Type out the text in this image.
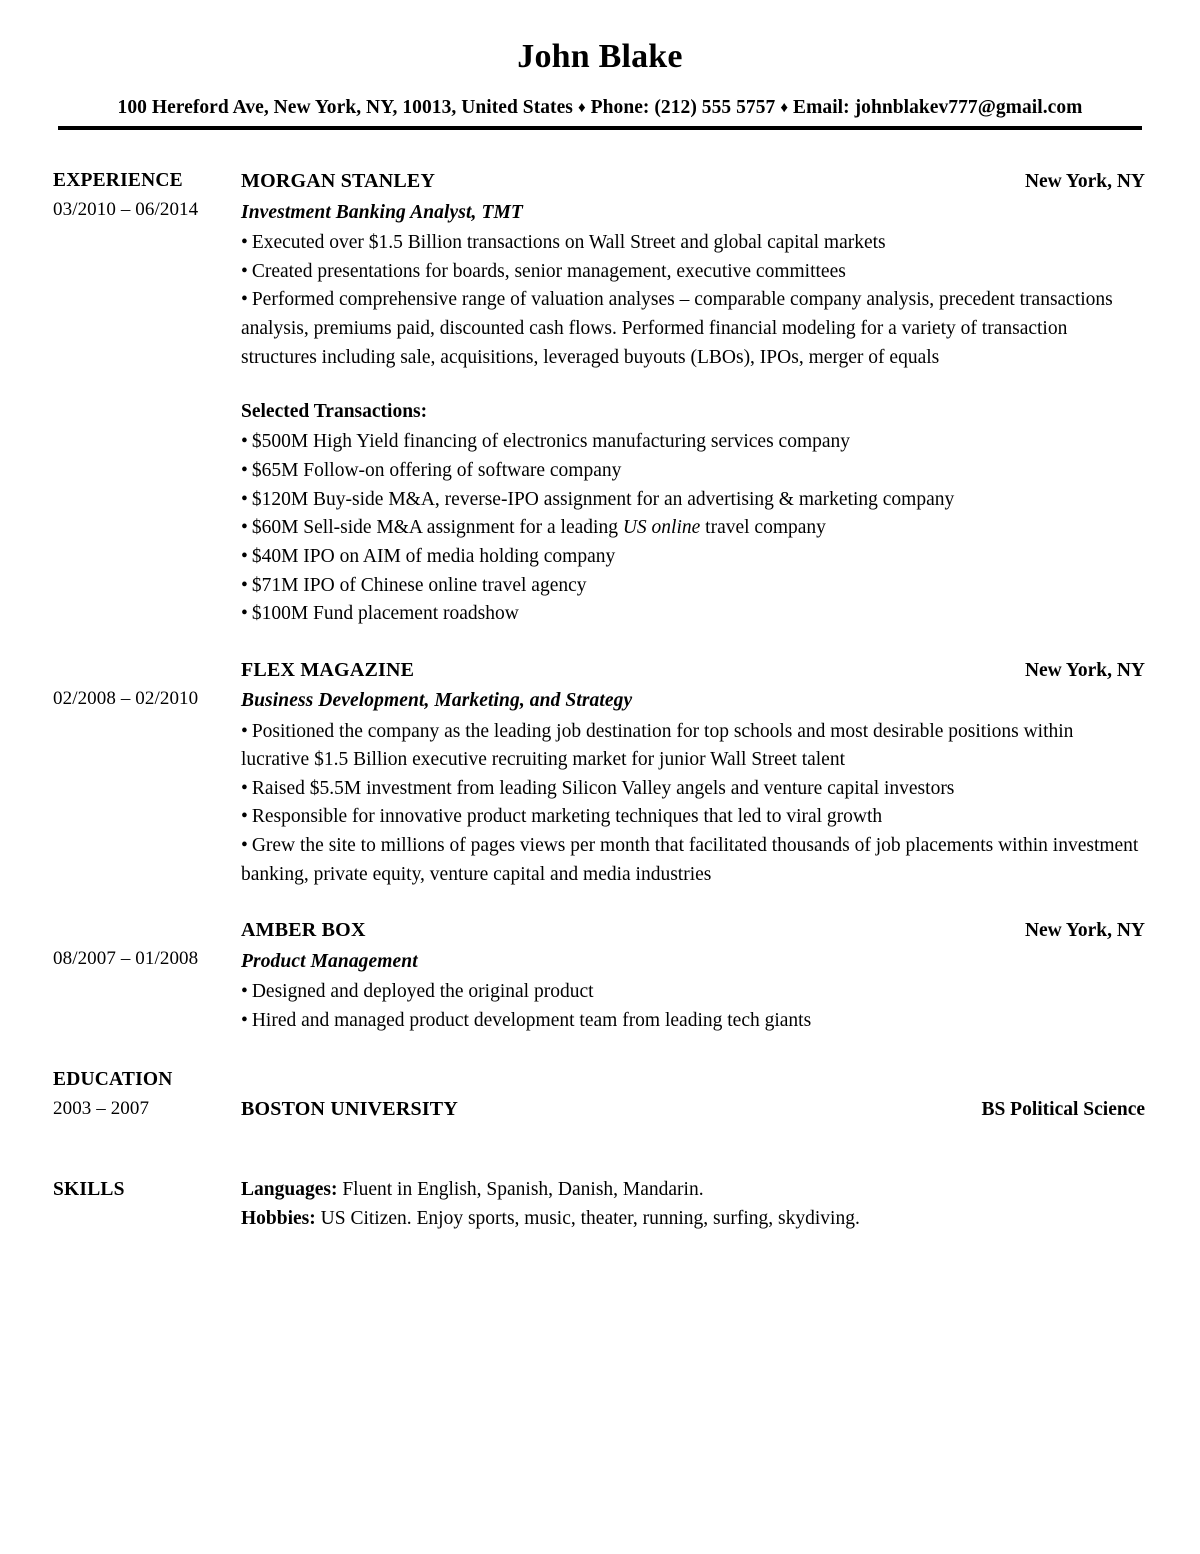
John Blake
100 Hereford Ave, New York, NY, 10013, United States ♦ Phone: (212) 555 5757 ♦ Email: johnblakev777@gmail.com
EXPERIENCE
03/2010 – 06/2014
MORGAN STANLEY	New York, NY
Investment Banking Analyst, TMT
• Executed over $1.5 Billion transactions on Wall Street and global capital markets
• Created presentations for boards, senior management, executive committees
• Performed comprehensive range of valuation analyses – comparable company analysis, precedent transactions analysis, premiums paid, discounted cash flows. Performed financial modeling for a variety of transaction structures including sale, acquisitions, leveraged buyouts (LBOs), IPOs, merger of equals
Selected Transactions:
• $500M High Yield financing of electronics manufacturing services company
• $65M Follow-on offering of software company
• $120M Buy-side M&A, reverse-IPO assignment for an advertising & marketing company
• $60M Sell-side M&A assignment for a leading US online travel company
• $40M IPO on AIM of media holding company
• $71M IPO of Chinese online travel agency
• $100M Fund placement roadshow
02/2008 – 02/2010
FLEX MAGAZINE	New York, NY
Business Development, Marketing, and Strategy
• Positioned the company as the leading job destination for top schools and most desirable positions within lucrative $1.5 Billion executive recruiting market for junior Wall Street talent
• Raised $5.5M investment from leading Silicon Valley angels and venture capital investors
• Responsible for innovative product marketing techniques that led to viral growth
• Grew the site to millions of pages views per month that facilitated thousands of job placements within investment banking, private equity, venture capital and media industries
08/2007 – 01/2008
AMBER BOX	New York, NY
Product Management
• Designed and deployed the original product
• Hired and managed product development team from leading tech giants
EDUCATION
2003 – 2007	BOSTON UNIVERSITY	BS Political Science
SKILLS	Languages: Fluent in English, Spanish, Danish, Mandarin.
Hobbies: US Citizen. Enjoy sports, music, theater, running, surfing, skydiving.
